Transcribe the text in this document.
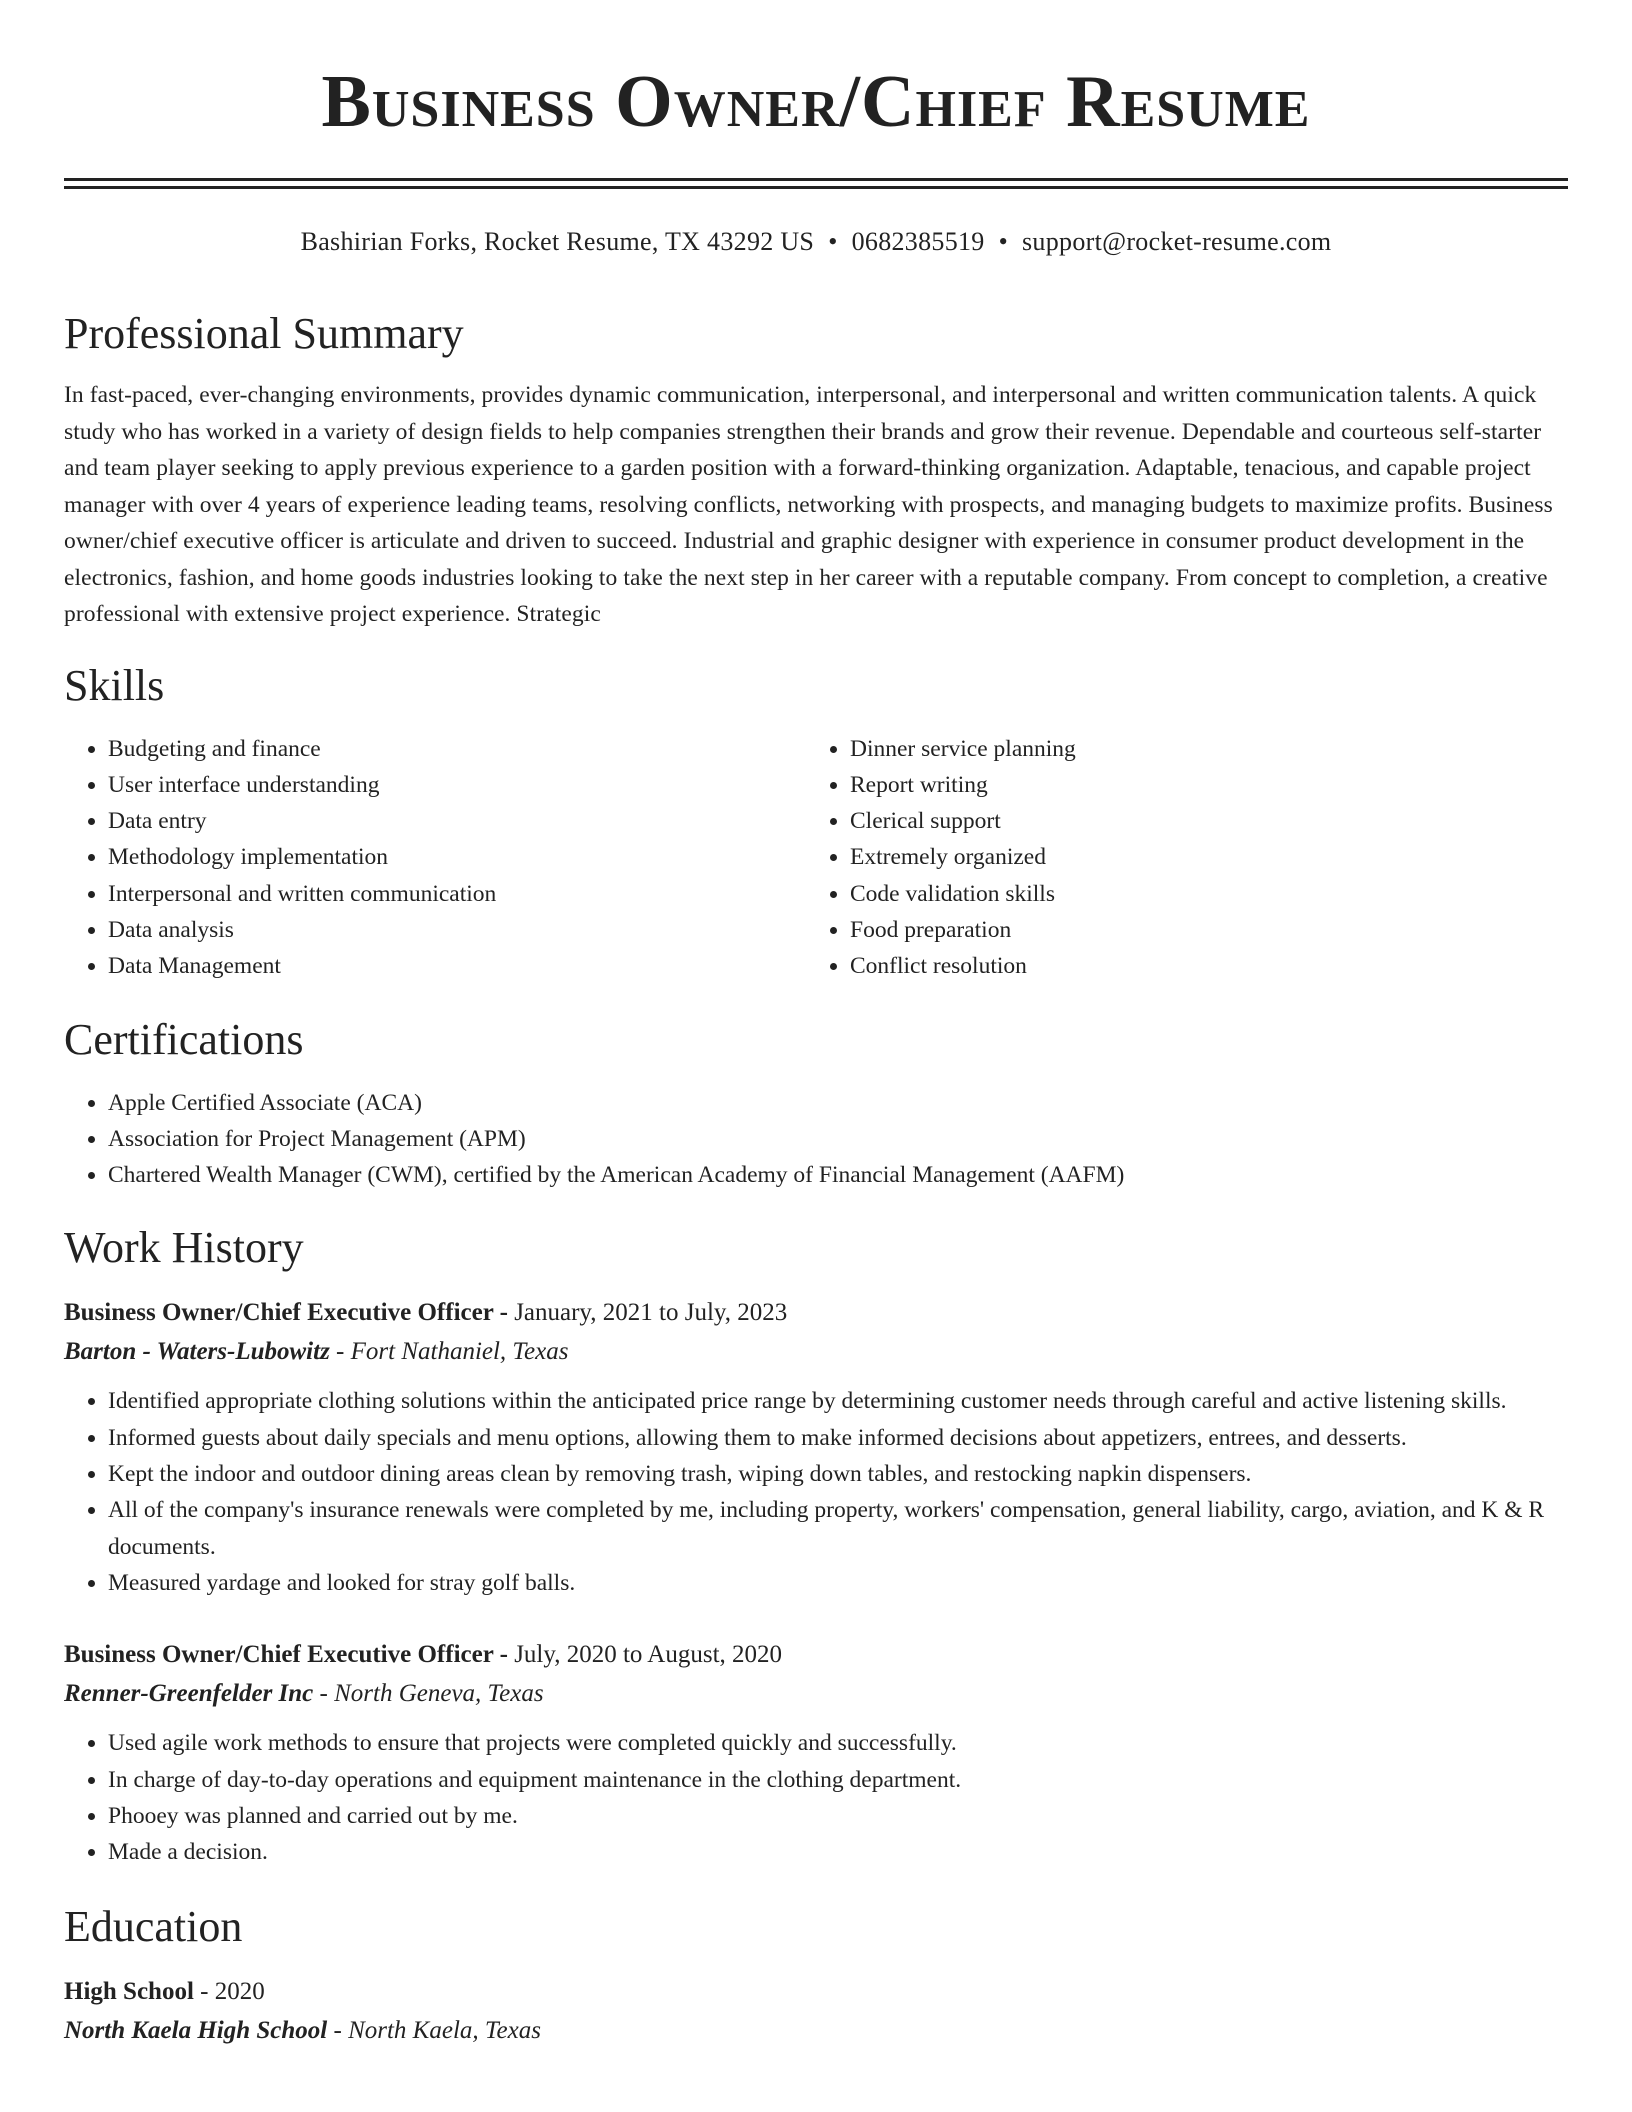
Business Owner/Chief Resume
Bashirian Forks, Rocket Resume, TX 43292 US • 0682385519 • support@rocket-resume.com
Professional Summary
In fast-paced, ever-changing environments, provides dynamic communication, interpersonal, and interpersonal and written communication talents. A quick study who has worked in a variety of design fields to help companies strengthen their brands and grow their revenue. Dependable and courteous self-starter and team player seeking to apply previous experience to a garden position with a forward-thinking organization. Adaptable, tenacious, and capable project manager with over 4 years of experience leading teams, resolving conflicts, networking with prospects, and managing budgets to maximize profits. Business owner/chief executive officer is articulate and driven to succeed. Industrial and graphic designer with experience in consumer product development in the electronics, fashion, and home goods industries looking to take the next step in her career with a reputable company. From concept to completion, a creative professional with extensive project experience. Strategic
Skills
• Budgeting and finance
• User interface understanding
• Data entry
• Methodology implementation
• Interpersonal and written communication
• Data analysis
• Data Management
• Dinner service planning
• Report writing
• Clerical support
• Extremely organized
• Code validation skills
• Food preparation
• Conflict resolution
Certifications
• Apple Certified Associate (ACA)
• Association for Project Management (APM)
• Chartered Wealth Manager (CWM), certified by the American Academy of Financial Management (AAFM)
Work History
Business Owner/Chief Executive Officer - January, 2021 to July, 2023
Barton - Waters-Lubowitz - Fort Nathaniel, Texas
• Identified appropriate clothing solutions within the anticipated price range by determining customer needs through careful and active listening skills.
• Informed guests about daily specials and menu options, allowing them to make informed decisions about appetizers, entrees, and desserts.
• Kept the indoor and outdoor dining areas clean by removing trash, wiping down tables, and restocking napkin dispensers.
• All of the company's insurance renewals were completed by me, including property, workers' compensation, general liability, cargo, aviation, and K & R documents.
• Measured yardage and looked for stray golf balls.
Business Owner/Chief Executive Officer - July, 2020 to August, 2020
Renner-Greenfelder Inc - North Geneva, Texas
• Used agile work methods to ensure that projects were completed quickly and successfully.
• In charge of day-to-day operations and equipment maintenance in the clothing department.
• Phooey was planned and carried out by me.
• Made a decision.
Education
High School - 2020
North Kaela High School - North Kaela, Texas
